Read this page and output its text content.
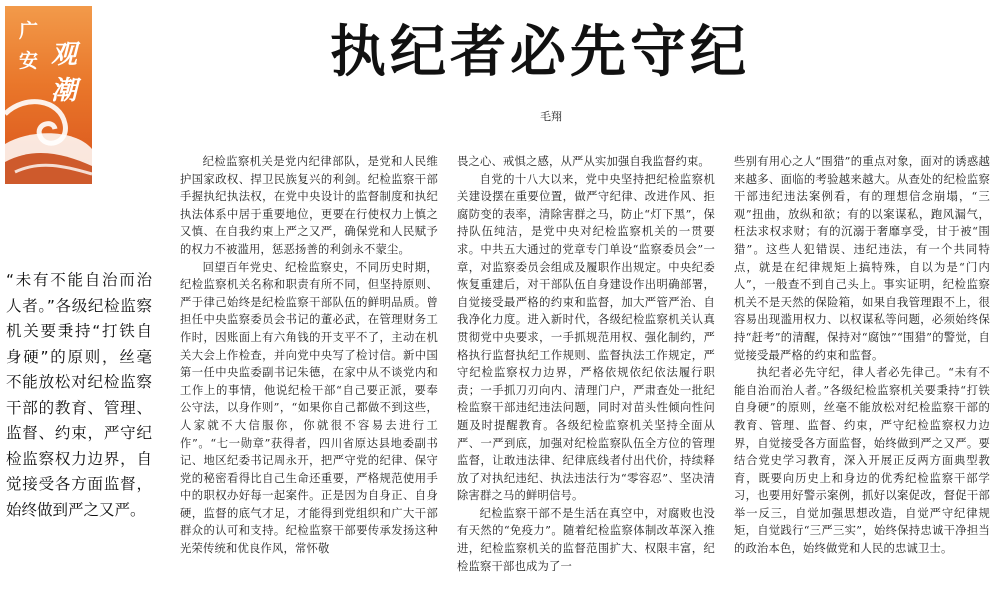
广
安 观
潮
执纪者必先守纪
毛翔
“未有不能自治而治人者。”各级纪检监察机关要秉持“打铁自身硬”的原则，丝毫不能放松对纪检监察干部的教育、管理、监督、约束，严守纪检监察权力边界，自觉接受各方面监督，始终做到严之又严。

纪检监察机关是党内纪律部队，是党和人民维护国家政权、捍卫民族复兴的利剑。纪检监察干部手握执纪执法权，在党中央设计的监督制度和执纪执法体系中居于重要地位，更要在行使权力上慎之又慎、在自我约束上严之又严，确保党和人民赋予的权力不被滥用，惩恶扬善的利剑永不蒙尘。

回望百年党史、纪检监察史，不同历史时期，纪检监察机关名称和职责有所不同，但坚持原则、严于律己始终是纪检监察干部队伍的鲜明品质。曾担任中央监察委员会书记的董必武，在管理财务工作时，因账面上有六角钱的开支平不了，主动在机关大会上作检查，并向党中央写了检讨信。新中国第一任中央监委副书记朱德，在家中从不谈党内和工作上的事情，他说纪检干部“自己要正派，要奉公守法，以身作则”，“如果你自己都做不到这些，人家就不大信服你，你就很不容易去进行工作”。“七一勋章”获得者，四川省原达县地委副书记、地区纪委书记周永开，把严守党的纪律、保守党的秘密看得比自己生命还重要，严格规范使用手中的职权办好每一起案件。正是因为自身正、自身硬，监督的底气才足，才能得到党组织和广大干部群众的认可和支持。纪检监察干部要传承发扬这种光荣传统和优良作风，常怀敬

畏之心、戒惧之感，从严从实加强自我监督约束。

自党的十八大以来，党中央坚持把纪检监察机关建设摆在重要位置，做严守纪律、改进作风、拒腐防变的表率，清除害群之马，防止“灯下黑”，保持队伍纯洁，是党中央对纪检监察机关的一贯要求。中共五大通过的党章专门单设“监察委员会”一章，对监察委员会组成及履职作出规定。中央纪委恢复重建后，对干部队伍自身建设作出明确部署，自觉接受最严格的约束和监督，加大严管严治、自我净化力度。进入新时代，各级纪检监察机关认真贯彻党中央要求，一手抓规范用权、强化制约，严格执行监督执纪工作规则、监督执法工作规定，严守纪检监察权力边界，严格依规依纪依法履行职责；一手抓刀刃向内、清理门户，严肃查处一批纪检监察干部违纪违法问题，同时对苗头性倾向性问题及时提醒教育。各级纪检监察机关坚持全面从严、一严到底，加强对纪检监察队伍全方位的管理监督，让敢违法律、纪律底线者付出代价，持续释放了对执纪违纪、执法违法行为“零容忍”、坚决清除害群之马的鲜明信号。

纪检监察干部不是生活在真空中，对腐败也没有天然的“免疫力”。随着纪检监察体制改革深入推进，纪检监察机关的监督范围扩大、权限丰富，纪检监察干部也成为了一

些别有用心之人“围猎”的重点对象，面对的诱惑越来越多、面临的考验越来越大。从查处的纪检监察干部违纪违法案例看，有的理想信念崩塌，“三观”扭曲，放纵和欲；有的以案谋私，跑风漏气，枉法求权求财；有的沉溺于奢靡享受，甘于被“围猎”。这些人犯错误、违纪违法，有一个共同特点，就是在纪律规矩上搞特殊，自以为是“门内人”，一般查不到自己头上。事实证明，纪检监察机关不是天然的保险箱，如果自我管理跟不上，很容易出现滥用权力、以权谋私等问题，必须始终保持“赶考”的清醒，保持对“腐蚀”“围猎”的警觉，自觉接受最严格的约束和监督。

执纪者必先守纪，律人者必先律己。“未有不能自治而治人者。”各级纪检监察机关要秉持“打铁自身硬”的原则，丝毫不能放松对纪检监察干部的教育、管理、监督、约束，严守纪检监察权力边界，自觉接受各方面监督，始终做到严之又严。要结合党史学习教育，深入开展正反两方面典型教育，既要向历史上和身边的优秀纪检监察干部学习，也要用好警示案例，抓好以案促改，督促干部举一反三，自觉加强思想改造，自觉严守纪律规矩，自觉践行“三严三实”，始终保持忠诚干净担当的政治本色，始终做党和人民的忠诚卫士。
